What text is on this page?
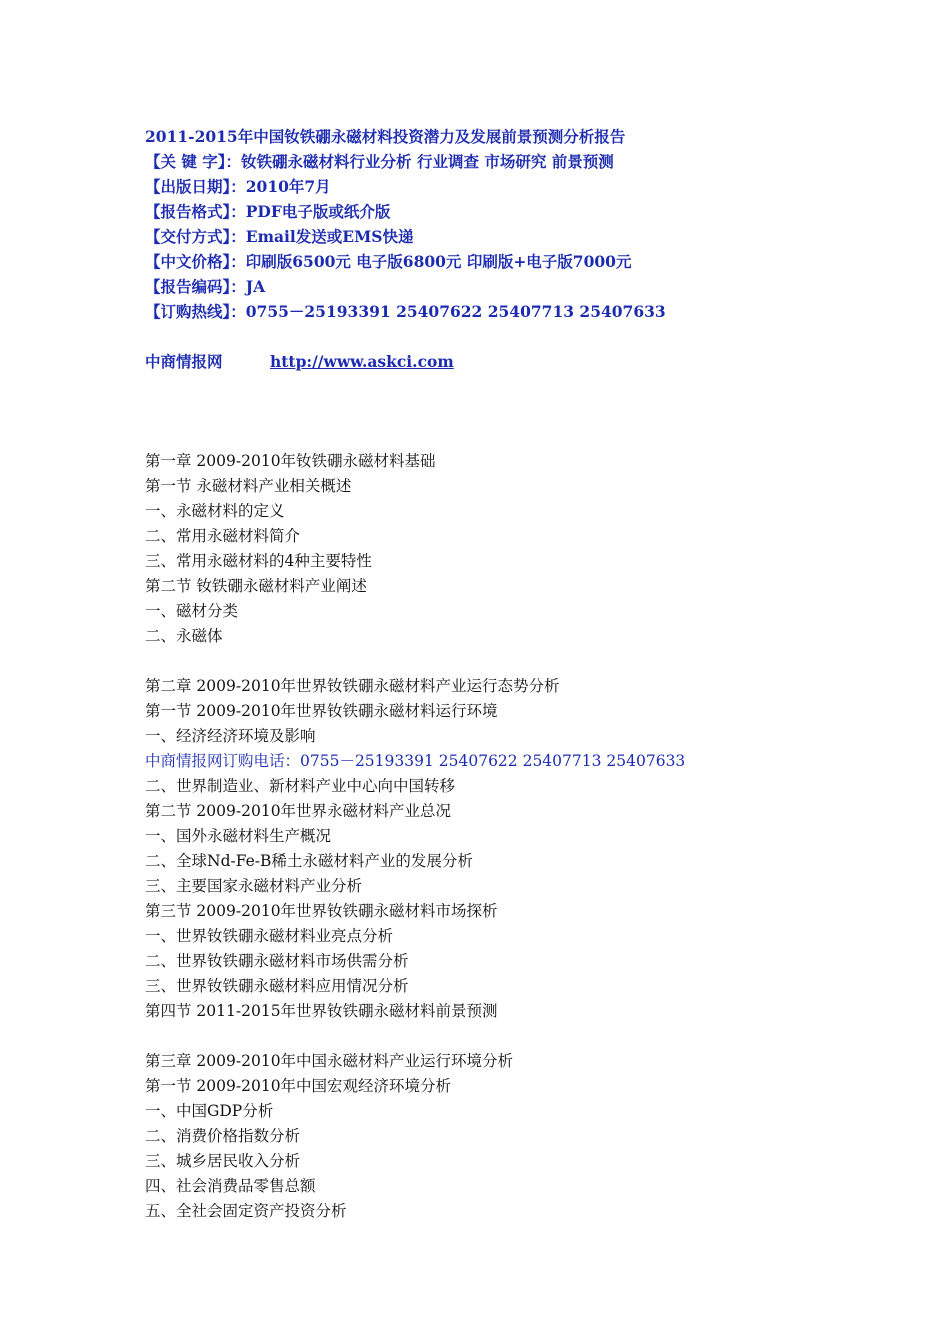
2011-2015年中国钕铁硼永磁材料投资潜力及发展前景预测分析报告
【关 键 字】：钕铁硼永磁材料行业分析 行业调查 市场研究 前景预测
【出版日期】：2010年7月
【报告格式】：PDF电子版或纸介版
【交付方式】：Email发送或EMS快递
【中文价格】：印刷版6500元 电子版6800元 印刷版+电子版7000元
【报告编码】：JA
【订购热线】：0755－25193391 25407622 25407713 25407633
中商情报网	http://www.askci.com
第一章 2009-2010年钕铁硼永磁材料基础
第一节 永磁材料产业相关概述
一、永磁材料的定义
二、常用永磁材料简介
三、常用永磁材料的4种主要特性
第二节 钕铁硼永磁材料产业阐述
一、磁材分类
二、永磁体
第二章 2009-2010年世界钕铁硼永磁材料产业运行态势分析
第一节 2009-2010年世界钕铁硼永磁材料运行环境
一、经济经济环境及影响
中商情报网订购电话：0755－25193391 25407622 25407713 25407633
二、世界制造业、新材料产业中心向中国转移
第二节 2009-2010年世界永磁材料产业总况
一、国外永磁材料生产概况
二、全球Nd-Fe-B稀土永磁材料产业的发展分析
三、主要国家永磁材料产业分析
第三节 2009-2010年世界钕铁硼永磁材料市场探析
一、世界钕铁硼永磁材料业亮点分析
二、世界钕铁硼永磁材料市场供需分析
三、世界钕铁硼永磁材料应用情况分析
第四节 2011-2015年世界钕铁硼永磁材料前景预测
第三章 2009-2010年中国永磁材料产业运行环境分析
第一节 2009-2010年中国宏观经济环境分析
一、中国GDP分析
二、消费价格指数分析
三、城乡居民收入分析
四、社会消费品零售总额
五、全社会固定资产投资分析
